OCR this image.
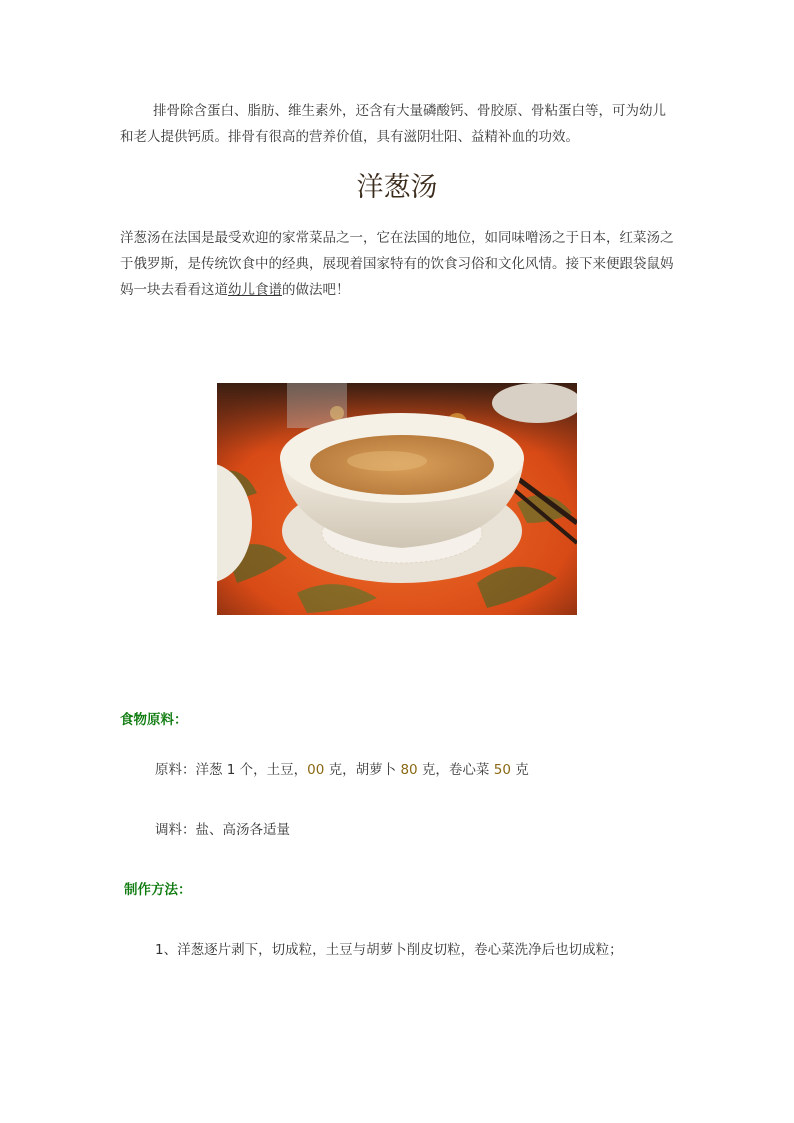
排骨除含蛋白、脂肪、维生素外，还含有大量磷酸钙、骨胶原、骨粘蛋白等，可为幼儿和老人提供钙质。排骨有很高的营养价值，具有滋阴壮阳、益精补血的功效。

洋葱汤

洋葱汤在法国是最受欢迎的家常菜品之一，它在法国的地位，如同味噌汤之于日本，红菜汤之于俄罗斯，是传统饮食中的经典，展现着国家特有的饮食习俗和文化风情。接下来便跟袋鼠妈妈一块去看看这道幼儿食谱的做法吧！

食物原料：

原料：洋葱 1 个，土豆，00 克，胡萝卜 80 克，卷心菜 50 克

调料：盐、高汤各适量

制作方法：

1、洋葱逐片剥下，切成粒，土豆与胡萝卜削皮切粒，卷心菜洗净后也切成粒；
